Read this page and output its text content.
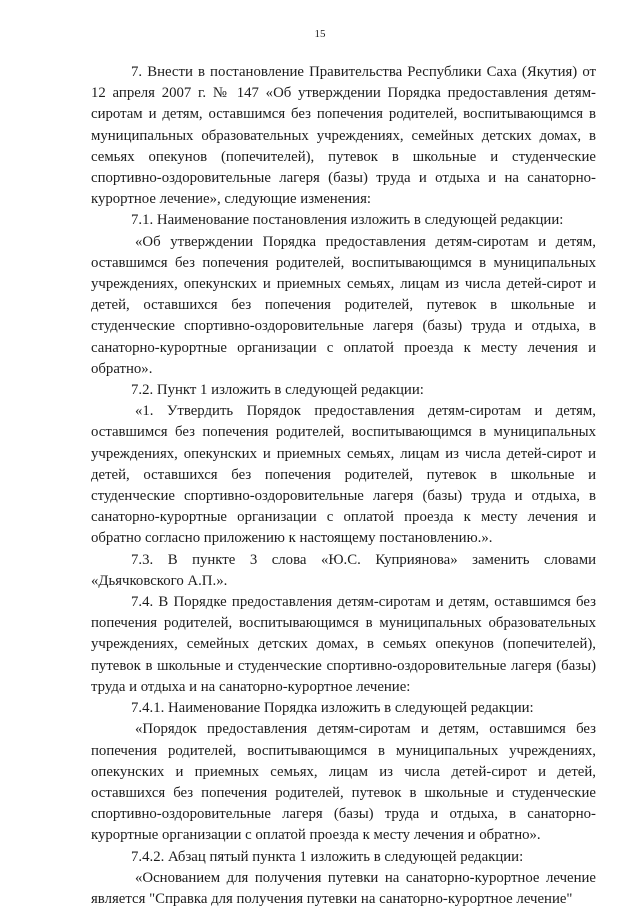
15

7. Внести в постановление Правительства Республики Саха (Якутия) от 12 апреля 2007 г. № 147 «Об утверждении Порядка предоставления детям-сиротам и детям, оставшимся без попечения родителей, воспитывающимся в муниципальных образовательных учреждениях, семейных детских домах, в семьях опекунов (попечителей), путевок в школьные и студенческие спортивно-оздоровительные лагеря (базы) труда и отдыха и на санаторно-курортное лечение», следующие изменения:

7.1. Наименование постановления изложить в следующей редакции:

«Об утверждении Порядка предоставления детям-сиротам и детям, оставшимся без попечения родителей, воспитывающимся в муниципальных учреждениях, опекунских и приемных семьях, лицам из числа детей-сирот и детей, оставшихся без попечения родителей, путевок в школьные и студенческие спортивно-оздоровительные лагеря (базы) труда и отдыха, в санаторно-курортные организации с оплатой проезда к месту лечения и обратно».

7.2. Пункт 1 изложить в следующей редакции:

«1. Утвердить Порядок предоставления детям-сиротам и детям, оставшимся без попечения родителей, воспитывающимся в муниципальных учреждениях, опекунских и приемных семьях, лицам из числа детей-сирот и детей, оставшихся без попечения родителей, путевок в школьные и студенческие спортивно-оздоровительные лагеря (базы) труда и отдыха, в санаторно-курортные организации с оплатой проезда к месту лечения и обратно согласно приложению к настоящему постановлению.».

7.3. В пункте 3 слова «Ю.С. Куприянова» заменить словами «Дьячковского А.П.».

7.4. В Порядке предоставления детям-сиротам и детям, оставшимся без попечения родителей, воспитывающимся в муниципальных образовательных учреждениях, семейных детских домах, в семьях опекунов (попечителей), путевок в школьные и студенческие спортивно-оздоровительные лагеря (базы) труда и отдыха и на санаторно-курортное лечение:

7.4.1. Наименование Порядка изложить в следующей редакции:

«Порядок предоставления детям-сиротам и детям, оставшимся без попечения родителей, воспитывающимся в муниципальных учреждениях, опекунских и приемных семьях, лицам из числа детей-сирот и детей, оставшихся без попечения родителей, путевок в школьные и студенческие спортивно-оздоровительные лагеря (базы) труда и отдыха, в санаторно-курортные организации с оплатой проезда к месту лечения и обратно».

7.4.2. Абзац пятый пункта 1 изложить в следующей редакции:

«Основанием для получения путевки на санаторно-курортное лечение является "Справка для получения путевки на санаторно-курортное лечение"
